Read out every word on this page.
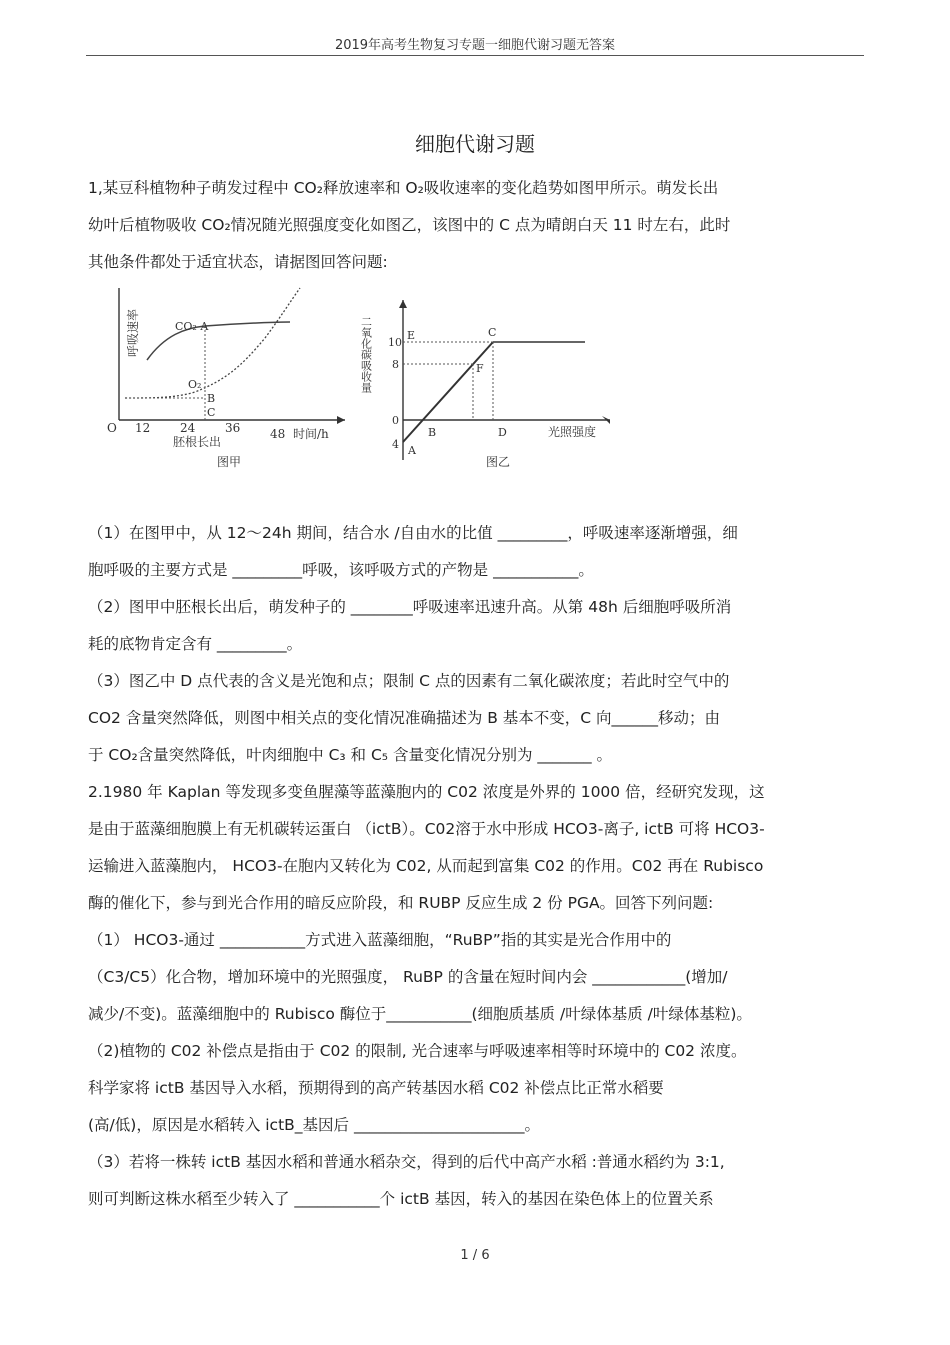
2019年高考生物复习专题一细胞代谢习题无答案
细胞代谢习题
1,某豆科植物种子萌发过程中 CO₂释放速率和 O₂吸收速率的变化趋势如图甲所示。萌发长出
幼叶后植物吸收 CO₂情况随光照强度变化如图乙，该图中的 C 点为晴朗白天 11 时左右，此时
其他条件都处于适宜状态，请据图回答问题:
呼吸速率	CO₂ A
O₂
B
C
O 12 24 36 48 时间/h
胚根长出
图甲

二氧化碳吸收量 10
8
4
0
E	C
F
B	D
A
光照强度
图乙
（1）在图甲中，从 12～24h 期间，结合水 /自由水的比值 _________，呼吸速率逐渐增强，细
胞呼吸的主要方式是 _________呼吸，该呼吸方式的产物是 ___________。
（2）图甲中胚根长出后，萌发种子的 ________呼吸速率迅速升高。从第 48h 后细胞呼吸所消
耗的底物肯定含有 _________。
（3）图乙中 D 点代表的含义是光饱和点；限制 C 点的因素有二氧化碳浓度；若此时空气中的
CO2 含量突然降低，则图中相关点的变化情况准确描述为 B 基本不变，C 向______移动；由
于 CO₂含量突然降低，叶肉细胞中 C₃ 和 C₅ 含量变化情况分别为 _______ 。
2.1980 年 Kaplan 等发现多变鱼腥藻等蓝藻胞内的 C02 浓度是外界的 1000 倍，经研究发现，这
是由于蓝藻细胞膜上有无机碳转运蛋白 （ictB）。C02溶于水中形成 HCO3-离子, ictB 可将 HCO3-
运输进入蓝藻胞内， HCO3-在胞内又转化为 C02, 从而起到富集 C02 的作用。C02 再在 Rubisco
酶的催化下，参与到光合作用的暗反应阶段，和 RUBP 反应生成 2 份 PGA。回答下列问题:
（1） HCO3-通过 ___________方式进入蓝藻细胞，“RuBP”指的其实是光合作用中的
（C3/C5）化合物，增加环境中的光照强度， RuBP 的含量在短时间内会 ____________(增加/
减少/不变)。蓝藻细胞中的 Rubisco 酶位于___________(细胞质基质 /叶绿体基质 /叶绿体基粒)。
（2)植物的 C02 补偿点是指由于 C02 的限制, 光合速率与呼吸速率相等时环境中的 C02 浓度。
科学家将 ictB 基因导入水稻，预期得到的高产转基因水稻 C02 补偿点比正常水稻要
(高/低)，原因是水稻转入 ictB_基因后 ______________________。
（3）若将一株转 ictB 基因水稻和普通水稻杂交，得到的后代中高产水稻 :普通水稻约为 3:1,
则可判断这株水稻至少转入了 ___________个 ictB 基因，转入的基因在染色体上的位置关系
1 / 6
